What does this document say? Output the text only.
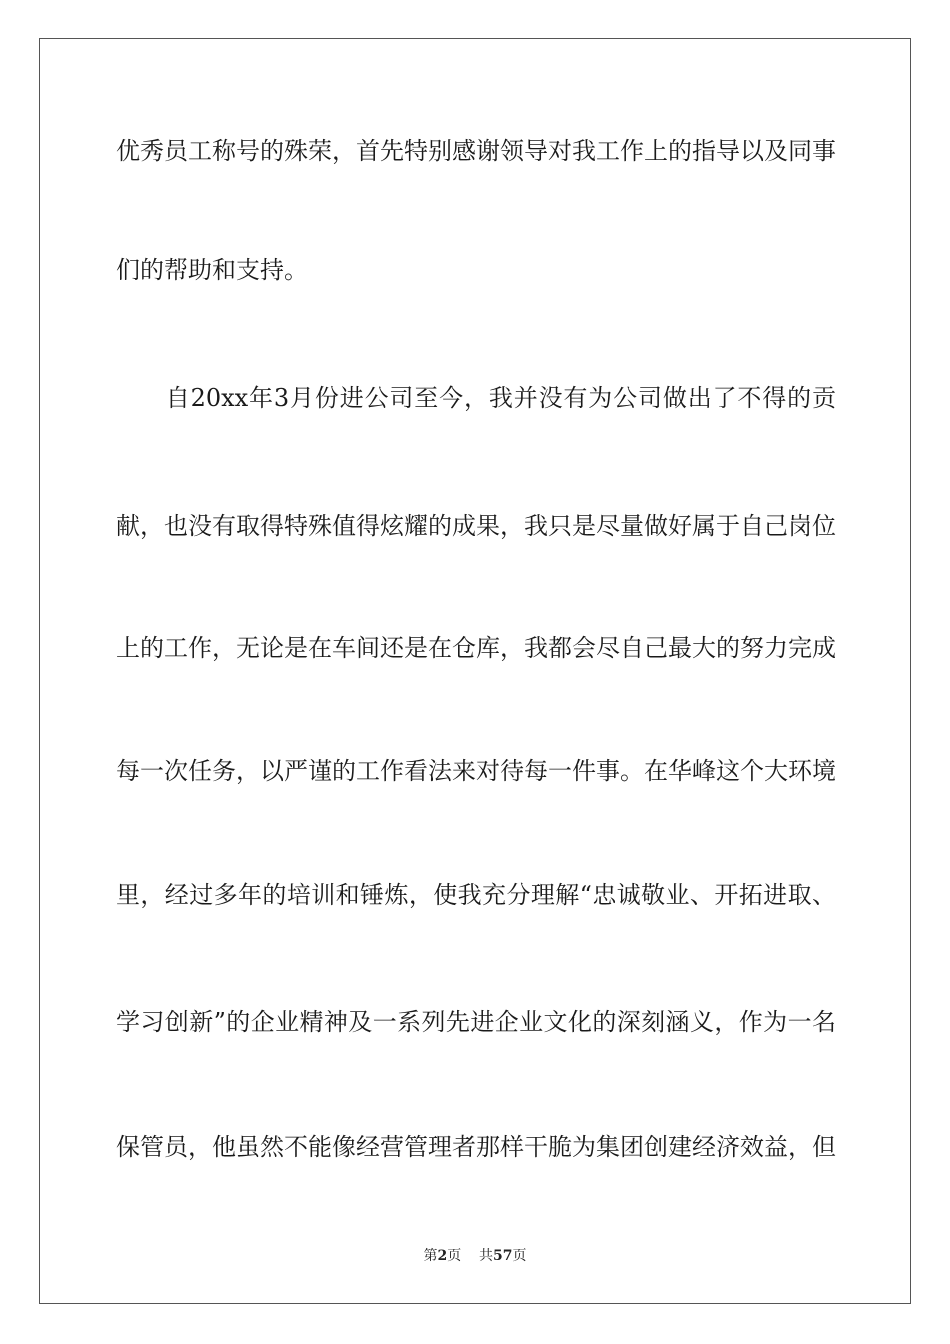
优秀员工称号的殊荣，首先特别感谢领导对我工作上的指导以及同事
们的帮助和支持。
　　自20xx年3月份进公司至今，我并没有为公司做出了不得的贡
献，也没有取得特殊值得炫耀的成果，我只是尽量做好属于自己岗位
上的工作，无论是在车间还是在仓库，我都会尽自己最大的努力完成
每一次任务，以严谨的工作看法来对待每一件事。在华峰这个大环境
里，经过多年的培训和锤炼，使我充分理解“忠诚敬业、开拓进取、
学习创新”的企业精神及一系列先进企业文化的深刻涵义，作为一名
保管员，他虽然不能像经营管理者那样干脆为集团创建经济效益，但
第2页 共57页
